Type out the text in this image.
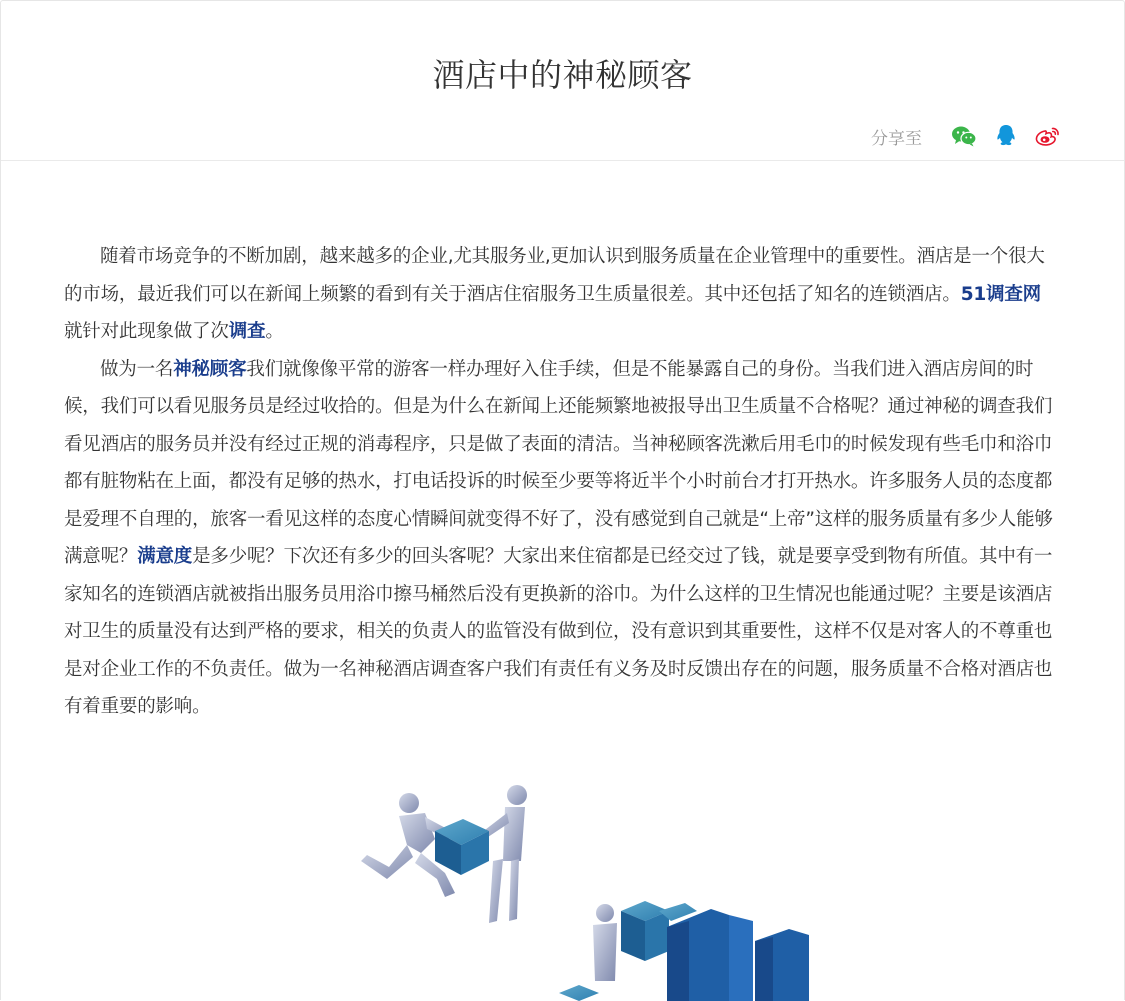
酒店中的神秘顾客
分享至

随着市场竞争的不断加剧，越来越多的企业,尤其服务业,更加认识到服务质量在企业管理中的重要性。酒店是一个很大的市场，最近我们可以在新闻上频繁的看到有关于酒店住宿服务卫生质量很差。其中还包括了知名的连锁酒店。51调查网就针对此现象做了次调查。

做为一名神秘顾客我们就像像平常的游客一样办理好入住手续，但是不能暴露自己的身份。当我们进入酒店房间的时候，我们可以看见服务员是经过收拾的。但是为什么在新闻上还能频繁地被报导出卫生质量不合格呢？通过神秘的调查我们看见酒店的服务员并没有经过正规的消毒程序，只是做了表面的清洁。当神秘顾客洗漱后用毛巾的时候发现有些毛巾和浴巾都有脏物粘在上面，都没有足够的热水，打电话投诉的时候至少要等将近半个小时前台才打开热水。许多服务人员的态度都是爱理不自理的，旅客一看见这样的态度心情瞬间就变得不好了，没有感觉到自己就是“上帝”这样的服务质量有多少人能够满意呢？满意度是多少呢？下次还有多少的回头客呢？大家出来住宿都是已经交过了钱，就是要享受到物有所值。其中有一家知名的连锁酒店就被指出服务员用浴巾擦马桶然后没有更换新的浴巾。为什么这样的卫生情况也能通过呢？主要是该酒店对卫生的质量没有达到严格的要求，相关的负责人的监管没有做到位，没有意识到其重要性，这样不仅是对客人的不尊重也是对企业工作的不负责任。做为一名神秘酒店调查客户我们有责任有义务及时反馈出存在的问题，服务质量不合格对酒店也有着重要的影响。
